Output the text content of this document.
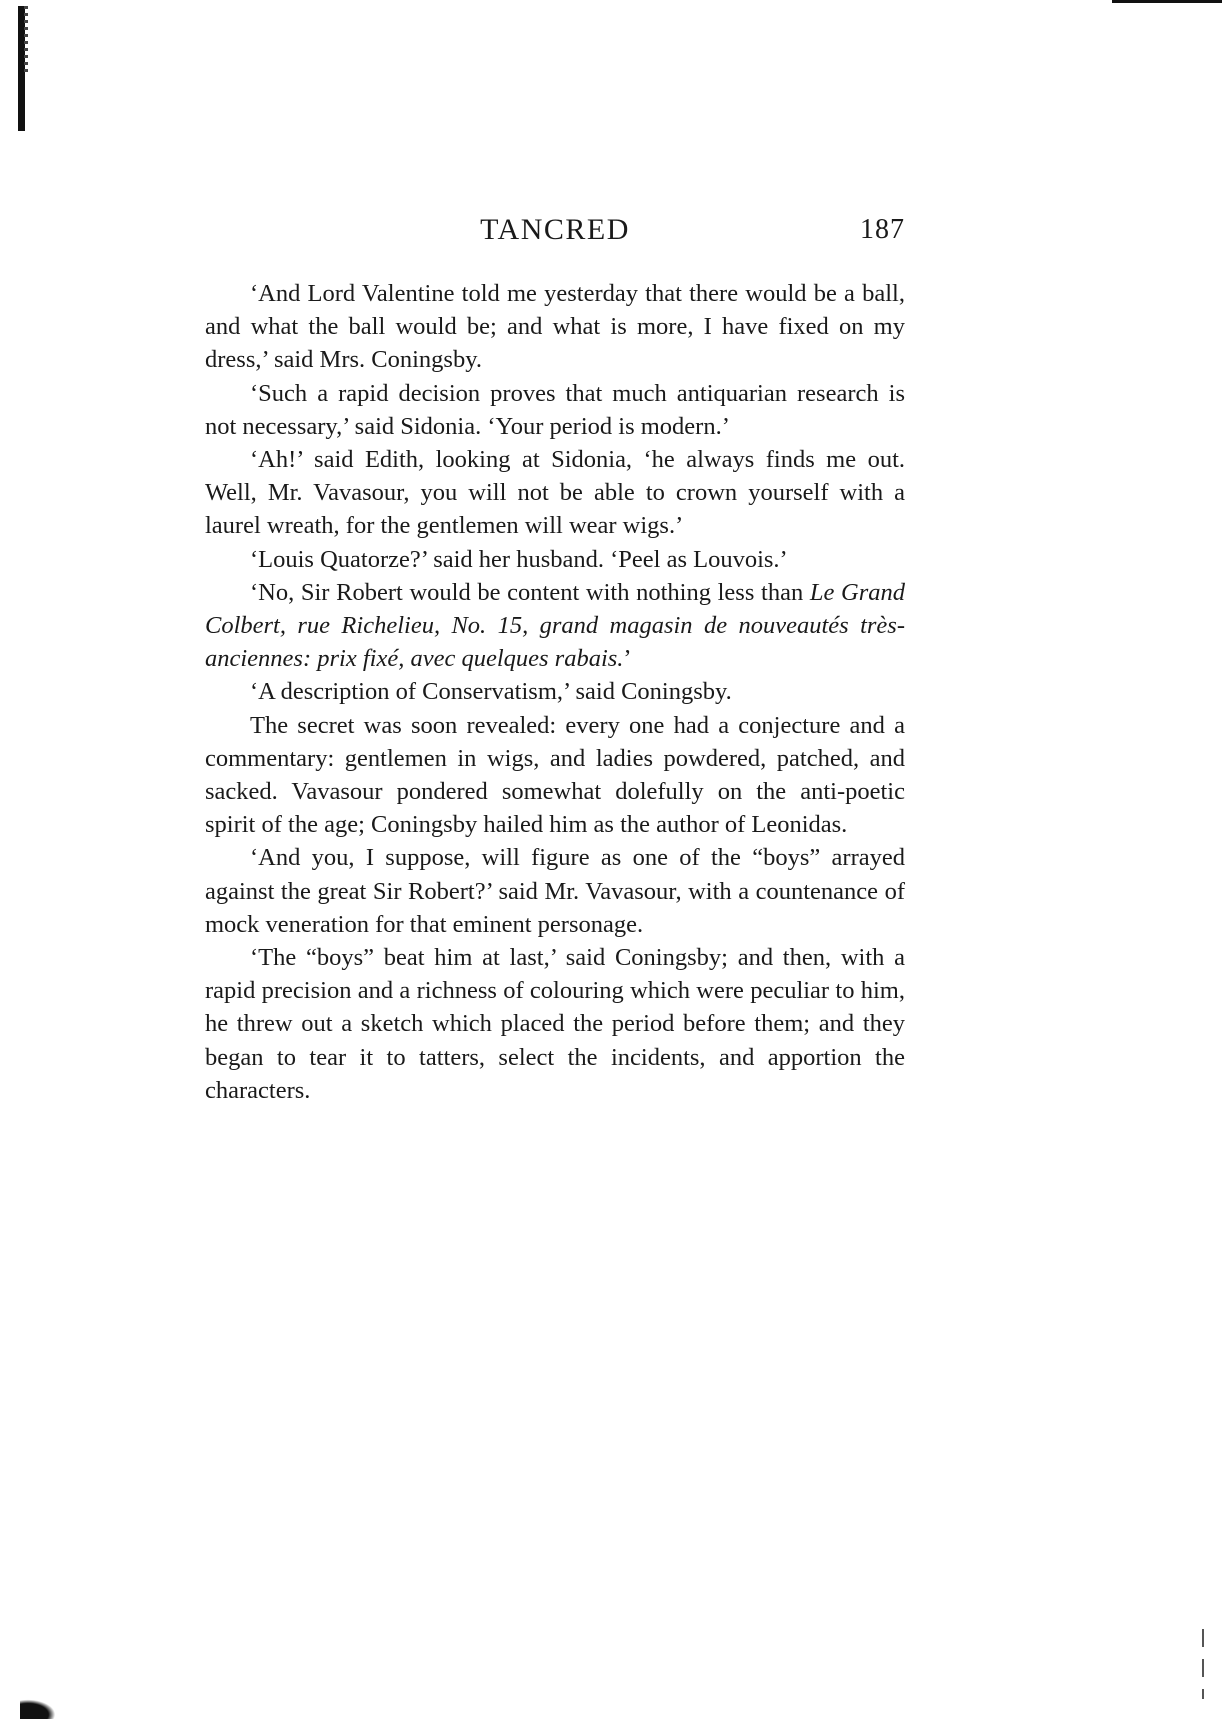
TANCRED	187

‘And Lord Valentine told me yesterday that there would be a ball, and what the ball would be; and what is more, I have fixed on my dress,’ said Mrs. Coningsby.

‘Such a rapid decision proves that much antiquarian research is not necessary,’ said Sidonia. ‘Your period is modern.’

‘Ah!’ said Edith, looking at Sidonia, ‘he always finds me out. Well, Mr. Vavasour, you will not be able to crown yourself with a laurel wreath, for the gentlemen will wear wigs.’

‘Louis Quatorze?’ said her husband. ‘Peel as Louvois.’

‘No, Sir Robert would be content with nothing less than Le Grand Colbert, rue Richelieu, No. 15, grand magasin de nouveautés très-anciennes: prix fixé, avec quelques rabais.’

‘A description of Conservatism,’ said Coningsby.

The secret was soon revealed: every one had a conjecture and a commentary: gentlemen in wigs, and ladies powdered, patched, and sacked. Vavasour pondered somewhat dolefully on the anti-poetic spirit of the age; Coningsby hailed him as the author of Leonidas.

‘And you, I suppose, will figure as one of the “boys” arrayed against the great Sir Robert?’ said Mr. Vavasour, with a countenance of mock veneration for that eminent personage.

‘The “boys” beat him at last,’ said Coningsby; and then, with a rapid precision and a richness of colouring which were peculiar to him, he threw out a sketch which placed the period before them; and they began to tear it to tatters, select the incidents, and apportion the characters.
